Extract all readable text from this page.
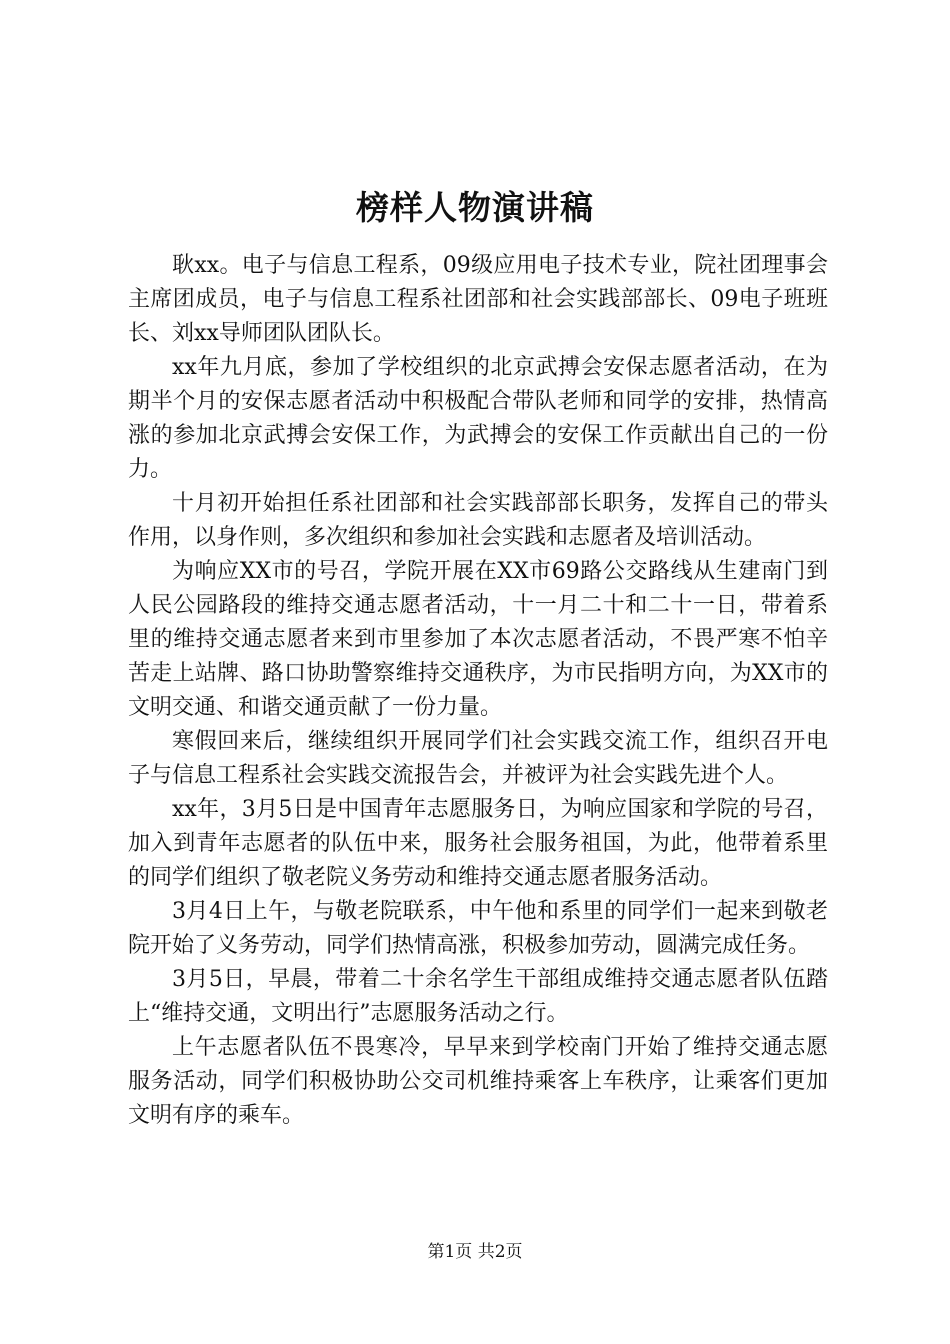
榜样人物演讲稿

耿xx。电子与信息工程系，09级应用电子技术专业，院社团理事会主席团成员，电子与信息工程系社团部和社会实践部部长、09电子班班长、刘xx导师团队团队长。

xx年九月底，参加了学校组织的北京武搏会安保志愿者活动，在为期半个月的安保志愿者活动中积极配合带队老师和同学的安排，热情高涨的参加北京武搏会安保工作，为武搏会的安保工作贡献出自己的一份力。

十月初开始担任系社团部和社会实践部部长职务，发挥自己的带头作用，以身作则，多次组织和参加社会实践和志愿者及培训活动。

为响应XX市的号召，学院开展在XX市69路公交路线从生建南门到人民公园路段的维持交通志愿者活动，十一月二十和二十一日，带着系里的维持交通志愿者来到市里参加了本次志愿者活动，不畏严寒不怕辛苦走上站牌、路口协助警察维持交通秩序，为市民指明方向，为XX市的文明交通、和谐交通贡献了一份力量。

寒假回来后，继续组织开展同学们社会实践交流工作，组织召开电子与信息工程系社会实践交流报告会，并被评为社会实践先进个人。

xx年，3月5日是中国青年志愿服务日，为响应国家和学院的号召，加入到青年志愿者的队伍中来，服务社会服务祖国，为此，他带着系里的同学们组织了敬老院义务劳动和维持交通志愿者服务活动。

3月4日上午，与敬老院联系，中午他和系里的同学们一起来到敬老院开始了义务劳动，同学们热情高涨，积极参加劳动，圆满完成任务。

3月5日，早晨，带着二十余名学生干部组成维持交通志愿者队伍踏上“维持交通，文明出行”志愿服务活动之行。

上午志愿者队伍不畏寒冷，早早来到学校南门开始了维持交通志愿服务活动，同学们积极协助公交司机维持乘客上车秩序，让乘客们更加文明有序的乘车。

第1页 共2页
